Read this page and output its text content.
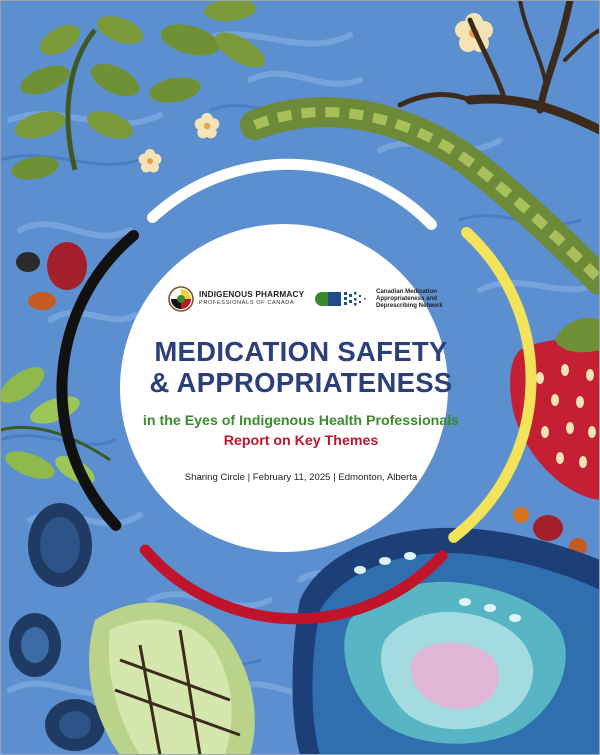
INDIGENOUS PHARMACY
PROFESSIONALS OF CANADA
Canadian Medication
Appropriateness and
Deprescribing Network
MEDICATION SAFETY
& APPROPRIATENESS
in the Eyes of Indigenous Health Professionals
Report on Key Themes
Sharing Circle | February 11, 2025 | Edmonton, Alberta
